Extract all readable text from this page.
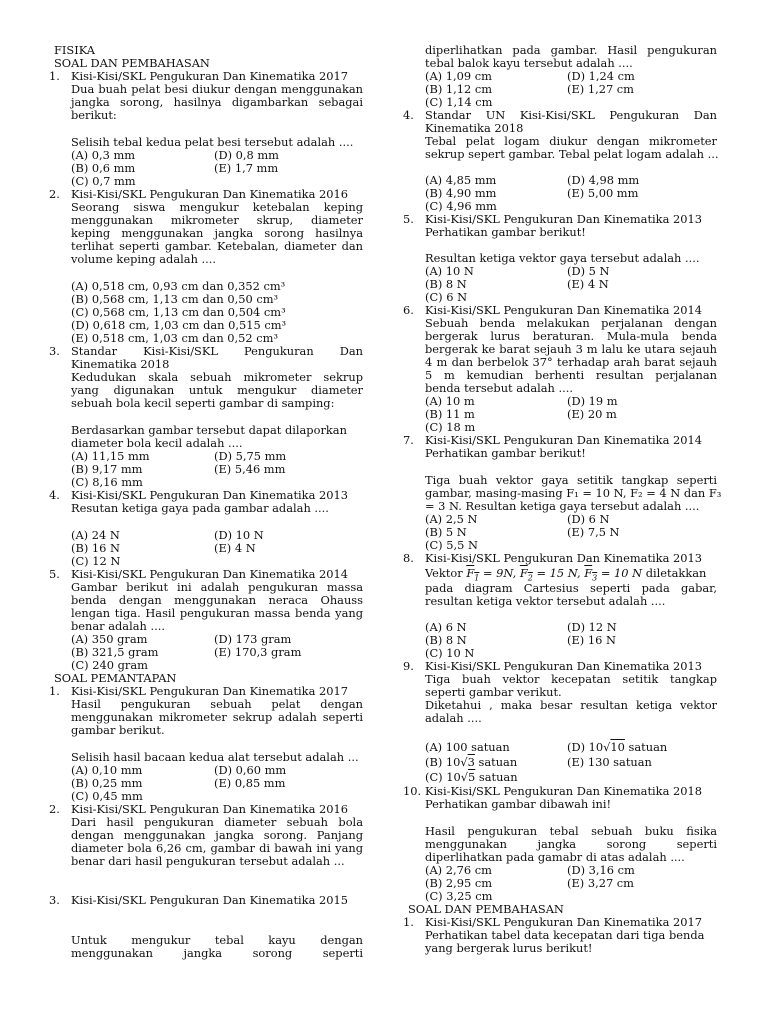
FISIKA
SOAL DAN PEMBAHASAN
1. Kisi-Kisi/SKL Pengukuran Dan Kinematika 2017
Dua buah pelat besi diukur dengan menggunakan
jangka sorong, hasilnya digambarkan sebagai
berikut:
Selisih tebal kedua pelat besi tersebut adalah ....
(A) 0,3 mm	(D) 0,8 mm
(B) 0,6 mm	(E) 1,7 mm
(C) 0,7 mm
2. Kisi-Kisi/SKL Pengukuran Dan Kinematika 2016
Seorang siswa mengukur ketebalan keping
menggunakan mikrometer skrup, diameter
keping menggunakan jangka sorong hasilnya
terlihat seperti gambar. Ketebalan, diameter dan
volume keping adalah ....
(A) 0,518 cm, 0,93 cm dan 0,352 cm³
(B) 0,568 cm, 1,13 cm dan 0,50 cm³
(C) 0,568 cm, 1,13 cm dan 0,504 cm³
(D) 0,618 cm, 1,03 cm dan 0,515 cm³
(E) 0,518 cm, 1,03 cm dan 0,52 cm³
3. Standar Kisi-Kisi/SKL Pengukuran Dan
Kinematika 2018
Kedudukan skala sebuah mikrometer sekrup
yang digunakan untuk mengukur diameter
sebuah bola kecil seperti gambar di samping:
Berdasarkan gambar tersebut dapat dilaporkan
diameter bola kecil adalah ....
(A) 11,15 mm	(D) 5,75 mm
(B) 9,17 mm	(E) 5,46 mm
(C) 8,16 mm
4. Kisi-Kisi/SKL Pengukuran Dan Kinematika 2013
Resutan ketiga gaya pada gambar adalah ....
(A) 24 N	(D) 10 N
(B) 16 N	(E) 4 N
(C) 12 N
5. Kisi-Kisi/SKL Pengukuran Dan Kinematika 2014
Gambar berikut ini adalah pengukuran massa
benda dengan menggunakan neraca Ohauss
lengan tiga. Hasil pengukuran massa benda yang
benar adalah ....
(A) 350 gram	(D) 173 gram
(B) 321,5 gram	(E) 170,3 gram
(C) 240 gram
SOAL PEMANTAPAN
1. Kisi-Kisi/SKL Pengukuran Dan Kinematika 2017
Hasil pengukuran sebuah pelat dengan
menggunakan mikrometer sekrup adalah seperti
gambar berikut.
Selisih hasil bacaan kedua alat tersebut adalah ...
(A) 0,10 mm	(D) 0,60 mm
(B) 0,25 mm	(E) 0,85 mm
(C) 0,45 mm
2. Kisi-Kisi/SKL Pengukuran Dan Kinematika 2016
Dari hasil pengukuran diameter sebuah bola
dengan menggunakan jangka sorong. Panjang
diameter bola 6,26 cm, gambar di bawah ini yang
benar dari hasil pengukuran tersebut adalah ...
3. Kisi-Kisi/SKL Pengukuran Dan Kinematika 2015
Untuk mengukur tebal kayu dengan
menggunakan jangka sorong seperti
diperlihatkan pada gambar. Hasil pengukuran
tebal balok kayu tersebut adalah ....
(A) 1,09 cm	(D) 1,24 cm
(B) 1,12 cm	(E) 1,27 cm
(C) 1,14 cm
4. Standar UN Kisi-Kisi/SKL Pengukuran Dan
Kinematika 2018
Tebal pelat logam diukur dengan mikrometer
sekrup sepert gambar. Tebal pelat logam adalah ...
(A) 4,85 mm	(D) 4,98 mm
(B) 4,90 mm	(E) 5,00 mm
(C) 4,96 mm
5. Kisi-Kisi/SKL Pengukuran Dan Kinematika 2013
Perhatikan gambar berikut!
Resultan ketiga vektor gaya tersebut adalah ....
(A) 10 N	(D) 5 N
(B) 8 N	(E) 4 N
(C) 6 N
6. Kisi-Kisi/SKL Pengukuran Dan Kinematika 2014
Sebuah benda melakukan perjalanan dengan
bergerak lurus beraturan. Mula-mula benda
bergerak ke barat sejauh 3 m lalu ke utara sejauh
4 m dan berbelok 37° terhadap arah barat sejauh
5 m kemudian berhenti resultan perjalanan
benda tersebut adalah ....
(A) 10 m	(D) 19 m
(B) 11 m	(E) 20 m
(C) 18 m
7. Kisi-Kisi/SKL Pengukuran Dan Kinematika 2014
Perhatikan gambar berikut!
Tiga buah vektor gaya setitik tangkap seperti
gambar, masing-masing F₁ = 10 N, F₂ = 4 N dan F₃
= 3 N. Resultan ketiga gaya tersebut adalah ....
(A) 2,5 N	(D) 6 N
(B) 5 N	(E) 7,5 N
(C) 5,5 N
8. Kisi-Kisi/SKL Pengukuran Dan Kinematika 2013
Vektor $F_1 = 9N$, $F_2 = 15$ N, $F_3 = 10$ N diletakkan
pada diagram Cartesius seperti pada gabar,
resultan ketiga vektor tersebut adalah ....
(A) 6 N	(D) 12 N
(B) 8 N	(E) 16 N
(C) 10 N
9. Kisi-Kisi/SKL Pengukuran Dan Kinematika 2013
Tiga buah vektor kecepatan setitik tangkap
seperti gambar verikut.
Diketahui , maka besar resultan ketiga vektor
adalah ....
(A) 100 satuan	(D) 10√10 satuan
(B) 10√3 satuan	(E) 130 satuan
(C) 10√5 satuan
10. Kisi-Kisi/SKL Pengukuran Dan Kinematika 2018
Perhatikan gambar dibawah ini!
Hasil pengukuran tebal sebuah buku fisika
menggunakan jangka sorong seperti
diperlihatkan pada gamabr di atas adalah ....
(A) 2,76 cm	(D) 3,16 cm
(B) 2,95 cm	(E) 3,27 cm
(C) 3,25 cm
SOAL DAN PEMBAHASAN
1. Kisi-Kisi/SKL Pengukuran Dan Kinematika 2017
Perhatikan tabel data kecepatan dari tiga benda
yang bergerak lurus berikut!
